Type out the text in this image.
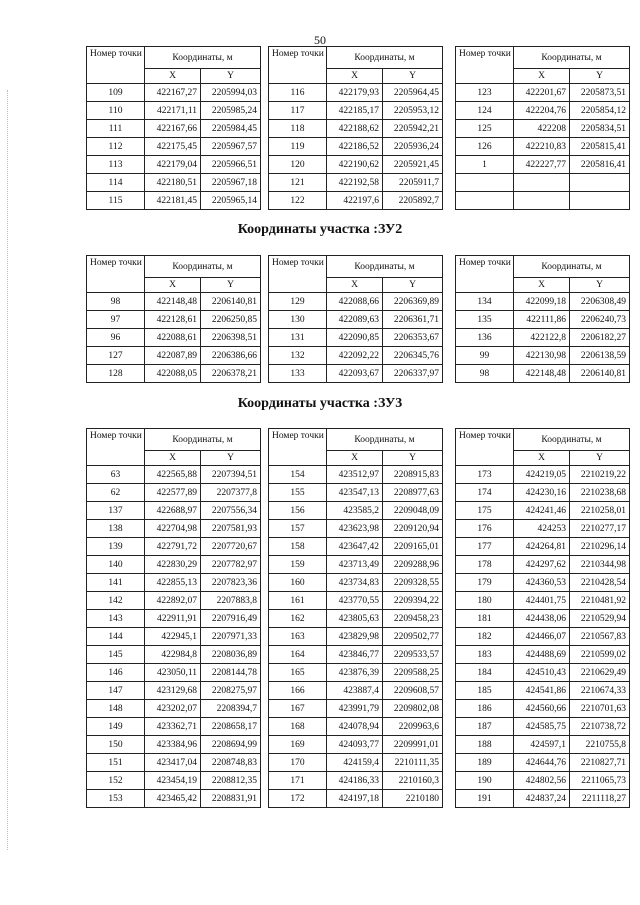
50
Координаты участка :ЗУ2
Координаты участка :ЗУ3
Номер точки	Координаты, м	
	X	Y
109	422167,27	2205994,03
110	422171,11	2205985,24
111	422167,66	2205984,45
112	422175,45	2205967,57
113	422179,04	2205966,51
114	422180,51	2205967,18
115	422181,45	2205965,14
Номер точки	Координаты, м	
	X	Y
116	422179,93	2205964,45
117	422185,17	2205953,12
118	422188,62	2205942,21
119	422186,52	2205936,24
120	422190,62	2205921,45
121	422192,58	2205911,7
122	422197,6	2205892,7
Номер точки	Координаты, м	
	X	Y
123	422201,67	2205873,51
124	422204,76	2205854,12
125	422208	2205834,51
126	422210,83	2205815,41
1	422227,77	2205816,41

Номер точки	Координаты, м	
	X	Y
98	422148,48	2206140,81
97	422128,61	2206250,85
96	422088,61	2206398,51
127	422087,89	2206386,66
128	422088,05	2206378,21
Номер точки	Координаты, м	
	X	Y
129	422088,66	2206369,89
130	422089,63	2206361,71
131	422090,85	2206353,67
132	422092,22	2206345,76
133	422093,67	2206337,97
Номер точки	Координаты, м	
	X	Y
134	422099,18	2206308,49
135	422111,86	2206240,73
136	422122,8	2206182,27
99	422130,98	2206138,59
98	422148,48	2206140,81
Номер точки	Координаты, м	
	X	Y
63	422565,88	2207394,51
62	422577,89	2207377,8
137	422688,97	2207556,34
138	422704,98	2207581,93
139	422791,72	2207720,67
140	422830,29	2207782,97
141	422855,13	2207823,36
142	422892,07	2207883,8
143	422911,91	2207916,49
144	422945,1	2207971,33
145	422984,8	2208036,89
146	423050,11	2208144,78
147	423129,68	2208275,97
148	423202,07	2208394,7
149	423362,71	2208658,17
150	423384,96	2208694,99
151	423417,04	2208748,83
152	423454,19	2208812,35
153	423465,42	2208831,91
Номер точки	Координаты, м	
	X	Y
154	423512,97	2208915,83
155	423547,13	2208977,63
156	423585,2	2209048,09
157	423623,98	2209120,94
158	423647,42	2209165,01
159	423713,49	2209288,96
160	423734,83	2209328,55
161	423770,55	2209394,22
162	423805,63	2209458,23
163	423829,98	2209502,77
164	423846,77	2209533,57
165	423876,39	2209588,25
166	423887,4	2209608,57
167	423991,79	2209802,08
168	424078,94	2209963,6
169	424093,77	2209991,01
170	424159,4	2210111,35
171	424186,33	2210160,3
172	424197,18	2210180
Номер точки	Координаты, м	
	X	Y
173	424219,05	2210219,22
174	424230,16	2210238,68
175	424241,46	2210258,01
176	424253	2210277,17
177	424264,81	2210296,14
178	424297,62	2210344,98
179	424360,53	2210428,54
180	424401,75	2210481,92
181	424438,06	2210529,94
182	424466,07	2210567,83
183	424488,69	2210599,02
184	424510,43	2210629,49
185	424541,86	2210674,33
186	424560,66	2210701,63
187	424585,75	2210738,72
188	424597,1	2210755,8
189	424644,76	2210827,71
190	424802,56	2211065,73
191	424837,24	2211118,27
